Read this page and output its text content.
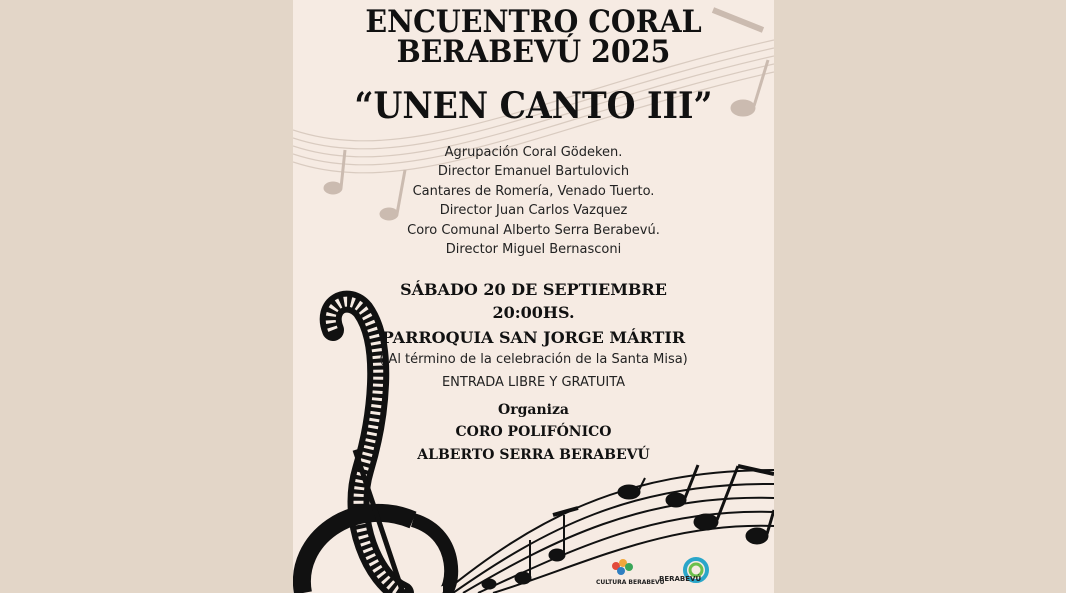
ENCUENTRO CORAL
BERABEVÚ 2025
“UNEN CANTO III”
Agrupación Coral Gödeken.
Director Emanuel Bartulovich
Cantares de Romería, Venado Tuerto.
Director Juan Carlos Vazquez
Coro Comunal Alberto Serra Berabevú.
Director Miguel Bernasconi
SÁBADO 20 DE SEPTIEMBRE
20:00HS.
PARROQUIA SAN JORGE MÁRTIR
( Al término de la celebración de la Santa Misa)
ENTRADA LIBRE Y GRATUITA
Organiza
CORO POLIFÓNICO
ALBERTO SERRA BERABEVÚ
CULTURA BERABEVÚ
BERABEVÚ
